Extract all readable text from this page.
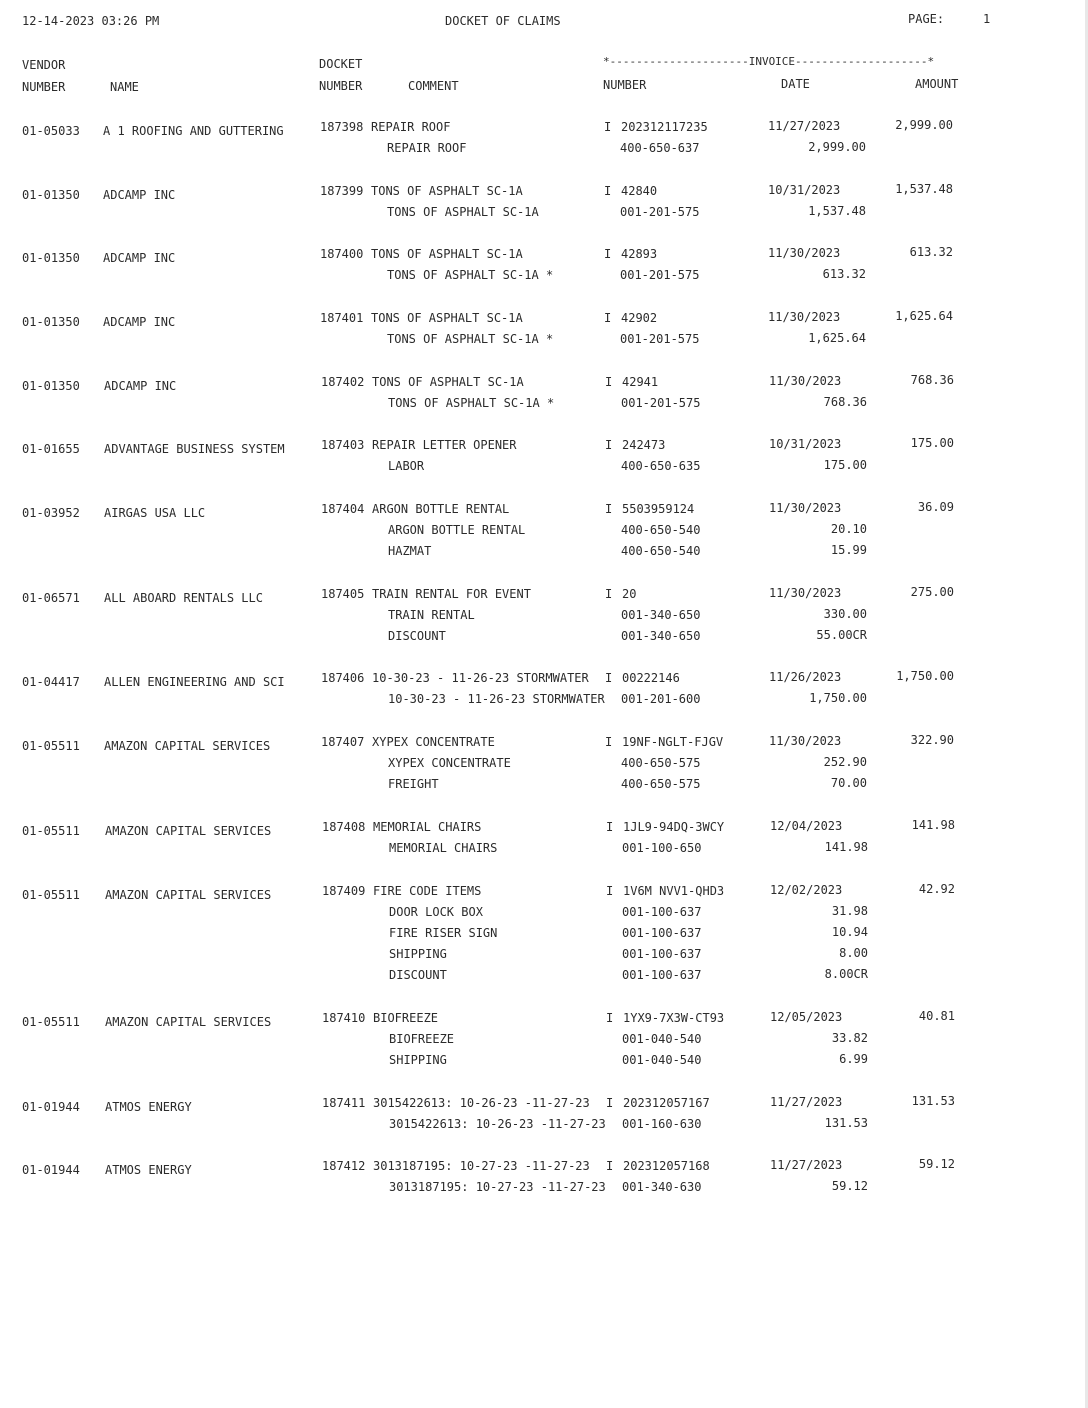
12-14-2023 03:26 PM	DOCKET OF CLAIMS	PAGE:	1
VENDOR
NUMBER	NAME
DOCKET
NUMBER	COMMENT
*---------------------INVOICE--------------------*
NUMBER	DATE	AMOUNT
01-05033 A 1 ROOFING AND GUTTERING	187398 REPAIR ROOF	I 202312117235	11/27/2023	2,999.00
REPAIR ROOF	400-650-637	2,999.00
01-01350 ADCAMP INC	187399 TONS OF ASPHALT SC-1A	I 42840	10/31/2023	1,537.48
TONS OF ASPHALT SC-1A	001-201-575	1,537.48
01-01350 ADCAMP INC	187400 TONS OF ASPHALT SC-1A	I 42893	11/30/2023	613.32
TONS OF ASPHALT SC-1A *	001-201-575	613.32
01-01350 ADCAMP INC	187401 TONS OF ASPHALT SC-1A	I 42902	11/30/2023	1,625.64
TONS OF ASPHALT SC-1A *	001-201-575	1,625.64
01-01350 ADCAMP INC	187402 TONS OF ASPHALT SC-1A	I 42941	11/30/2023	768.36
TONS OF ASPHALT SC-1A *	001-201-575	768.36
01-01655 ADVANTAGE BUSINESS SYSTEM	187403 REPAIR LETTER OPENER	I 242473	10/31/2023	175.00
LABOR	400-650-635	175.00
01-03952 AIRGAS USA LLC	187404 ARGON BOTTLE RENTAL	I 5503959124	11/30/2023	36.09
ARGON BOTTLE RENTAL	400-650-540	20.10
HAZMAT	400-650-540	15.99
01-06571 ALL ABOARD RENTALS LLC	187405 TRAIN RENTAL FOR EVENT	I 20	11/30/2023	275.00
TRAIN RENTAL	001-340-650	330.00
DISCOUNT	001-340-650	55.00CR
01-04417 ALLEN ENGINEERING AND SCI	187406 10-30-23 - 11-26-23 STORMWATER I 00222146	11/26/2023	1,750.00
10-30-23 - 11-26-23 STORMWATER 001-201-600	1,750.00
01-05511 AMAZON CAPITAL SERVICES	187407 XYPEX CONCENTRATE	I 19NF-NGLT-FJGV	11/30/2023	322.90
XYPEX CONCENTRATE	400-650-575	252.90
FREIGHT	400-650-575	70.00
01-05511 AMAZON CAPITAL SERVICES	187408 MEMORIAL CHAIRS	I 1JL9-94DQ-3WCY	12/04/2023	141.98
MEMORIAL CHAIRS	001-100-650	141.98
01-05511 AMAZON CAPITAL SERVICES	187409 FIRE CODE ITEMS	I 1V6M NVV1-QHD3	12/02/2023	42.92
DOOR LOCK BOX	001-100-637	31.98
FIRE RISER SIGN	001-100-637	10.94
SHIPPING	001-100-637	8.00
DISCOUNT	001-100-637	8.00CR
01-05511 AMAZON CAPITAL SERVICES	187410 BIOFREEZE	I 1YX9-7X3W-CT93	12/05/2023	40.81
BIOFREEZE	001-040-540	33.82
SHIPPING	001-040-540	6.99
01-01944 ATMOS ENERGY	187411 3015422613: 10-26-23 -11-27-23 I 202312057167	11/27/2023	131.53
3015422613: 10-26-23 -11-27-23 001-160-630	131.53
01-01944 ATMOS ENERGY	187412 3013187195: 10-27-23 -11-27-23 I 202312057168	11/27/2023	59.12
3013187195: 10-27-23 -11-27-23 001-340-630	59.12
